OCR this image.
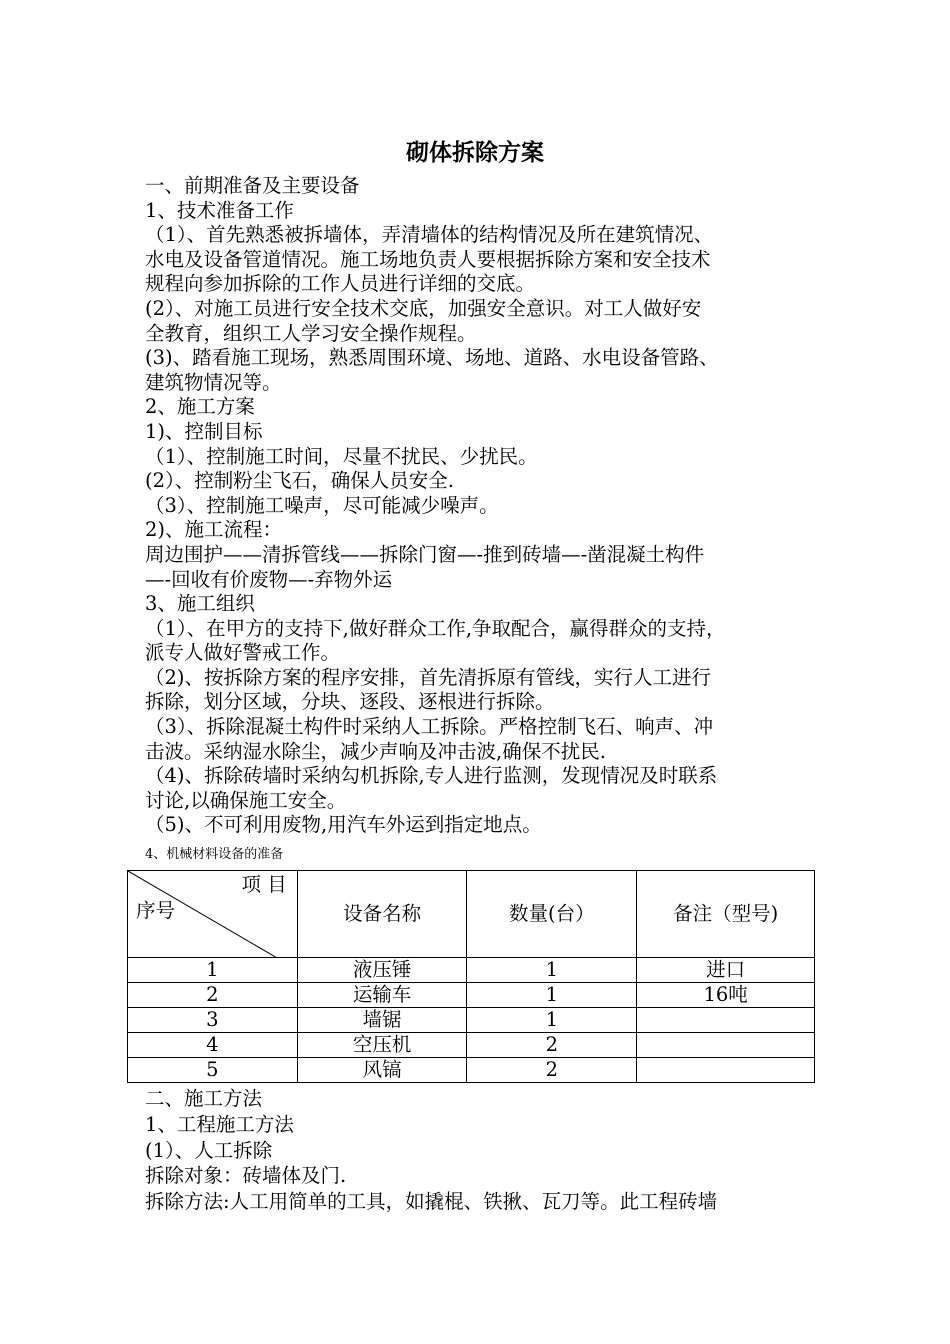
砌体拆除方案
一、前期准备及主要设备
1、技术准备工作
（1）、首先熟悉被拆墙体，弄清墙体的结构情况及所在建筑情况、
水电及设备管道情况。施工场地负责人要根据拆除方案和安全技术
规程向参加拆除的工作人员进行详细的交底。
(2）、对施工员进行安全技术交底，加强安全意识。对工人做好安
全教育，组织工人学习安全操作规程。
(3)、踏看施工现场，熟悉周围环境、场地、道路、水电设备管路、
建筑物情况等。
2、施工方案
1)、控制目标
（1）、控制施工时间，尽量不扰民、少扰民。
(2）、控制粉尘飞石，确保人员安全.
（3）、控制施工噪声，尽可能减少噪声。
2)、施工流程：
周边围护——清拆管线——拆除门窗—-推到砖墙—-凿混凝土构件
—-回收有价废物—-弃物外运
3、施工组织
（1）、在甲方的支持下,做好群众工作,争取配合，赢得群众的支持，
派专人做好警戒工作。
（2)、按拆除方案的程序安排，首先清拆原有管线，实行人工进行
拆除，划分区域，分块、逐段、逐根进行拆除。
（3）、拆除混凝土构件时采纳人工拆除。严格控制飞石、响声、冲
击波。采纳湿水除尘，减少声响及冲击波,确保不扰民.
（4)、拆除砖墙时采纳勾机拆除,专人进行监测，发现情况及时联系
讨论,以确保施工安全。
（5)、不可利用废物,用汽车外运到指定地点。
4、机械材料设备的准备
项 目
序号	设备名称	数量(台）	备注（型号)
1	液压锤	1	进口
2	运输车	1	16吨
3	墙锯	1	
4	空压机	2	
5	风镐	2	
二、施工方法
1、工程施工方法
(1）、人工拆除
拆除对象：砖墙体及门.
拆除方法:人工用简单的工具，如撬棍、铁揪、瓦刀等。此工程砖墙
